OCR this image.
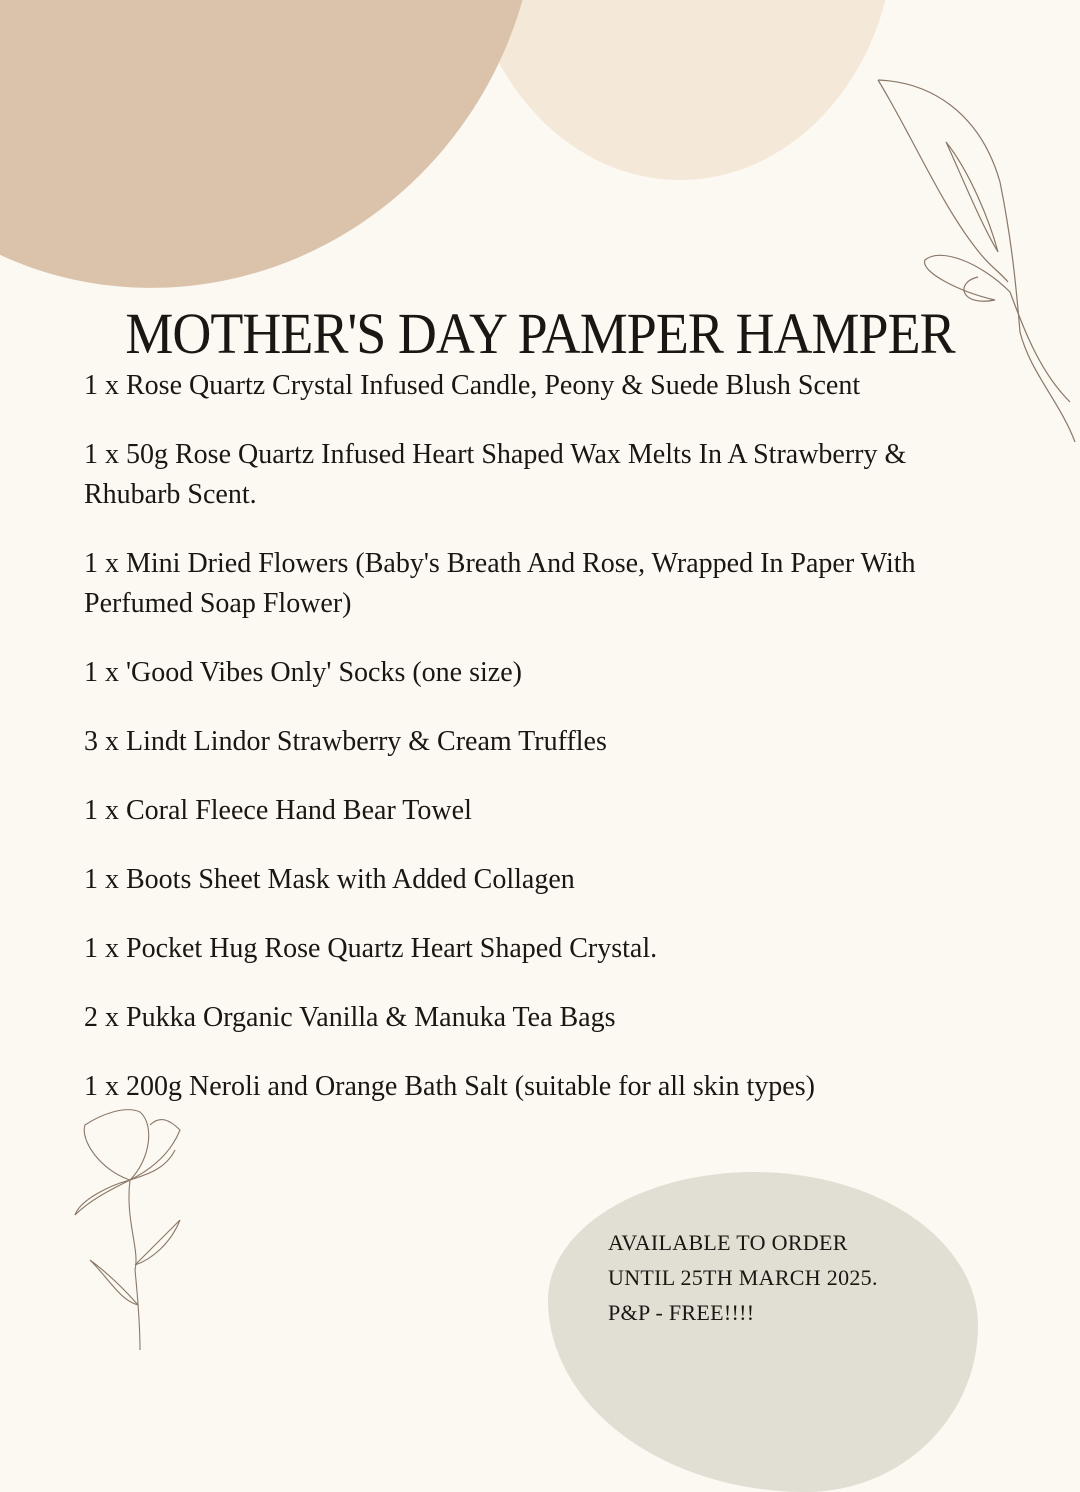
MOTHER'S DAY PAMPER HAMPER

1 x Rose Quartz Crystal Infused Candle, Peony & Suede Blush Scent

1 x 50g Rose Quartz Infused Heart Shaped Wax Melts In A Strawberry & Rhubarb Scent.

1 x Mini Dried Flowers (Baby's Breath And Rose, Wrapped In Paper With Perfumed Soap Flower)

1 x 'Good Vibes Only' Socks (one size)

3 x Lindt Lindor Strawberry & Cream Truffles

1 x Coral Fleece Hand Bear Towel

1 x Boots Sheet Mask with Added Collagen

1 x Pocket Hug Rose Quartz Heart Shaped Crystal.

2 x Pukka Organic Vanilla & Manuka Tea Bags

1 x 200g Neroli and Orange Bath Salt (suitable for all skin types)

AVAILABLE TO ORDER
UNTIL 25TH MARCH 2025.
P&P - FREE!!!!
